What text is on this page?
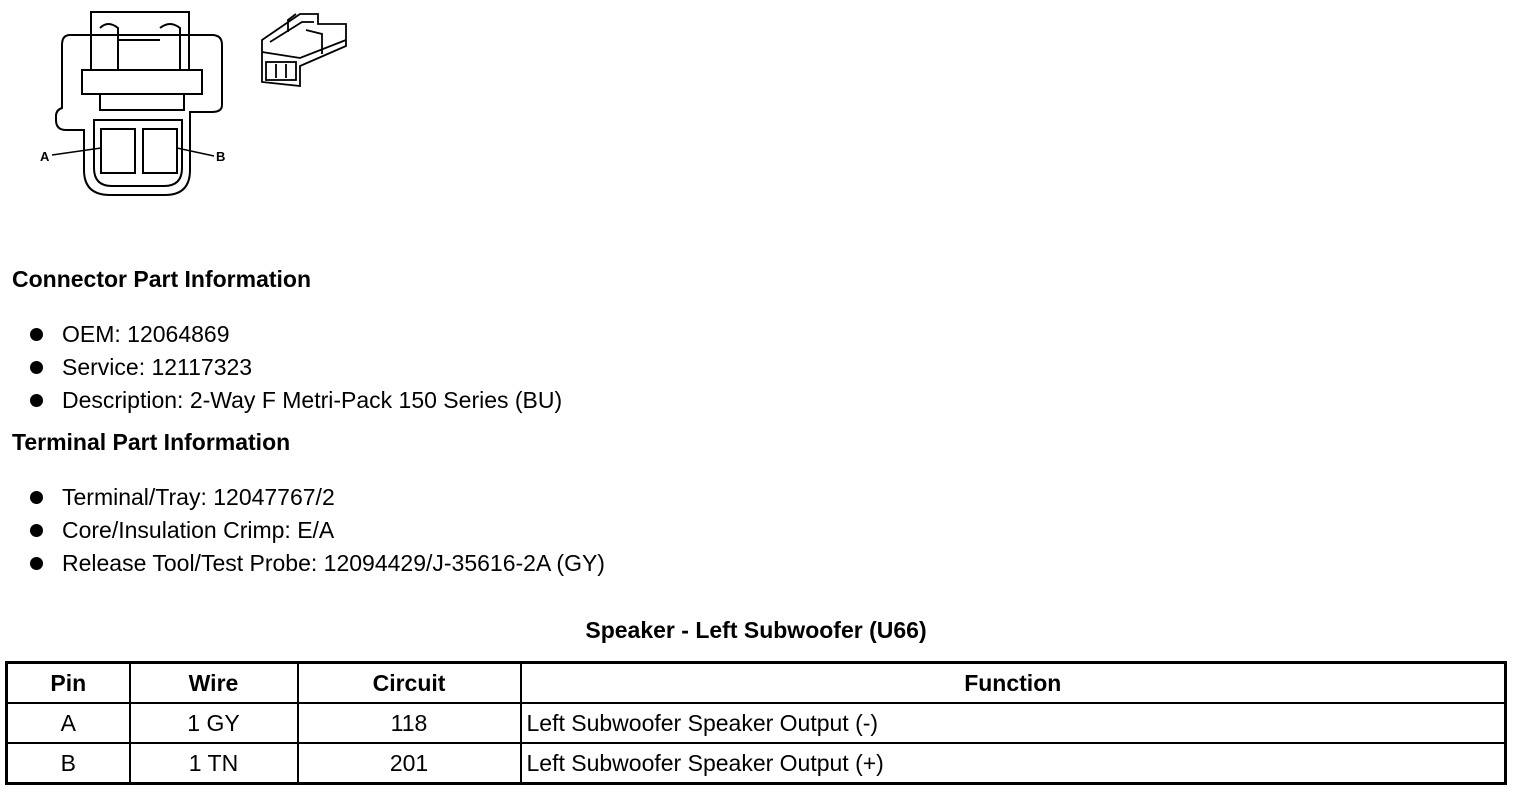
A	B
Connector Part Information
OEM: 12064869
Service: 12117323
Description: 2-Way F Metri-Pack 150 Series (BU)
Terminal Part Information
Terminal/Tray: 12047767/2
Core/Insulation Crimp: E/A
Release Tool/Test Probe: 12094429/J-35616-2A (GY)
Speaker - Left Subwoofer (U66)
Pin	Wire	Circuit	Function
A	1 GY	118	Left Subwoofer Speaker Output (-)
B	1 TN	201	Left Subwoofer Speaker Output (+)
